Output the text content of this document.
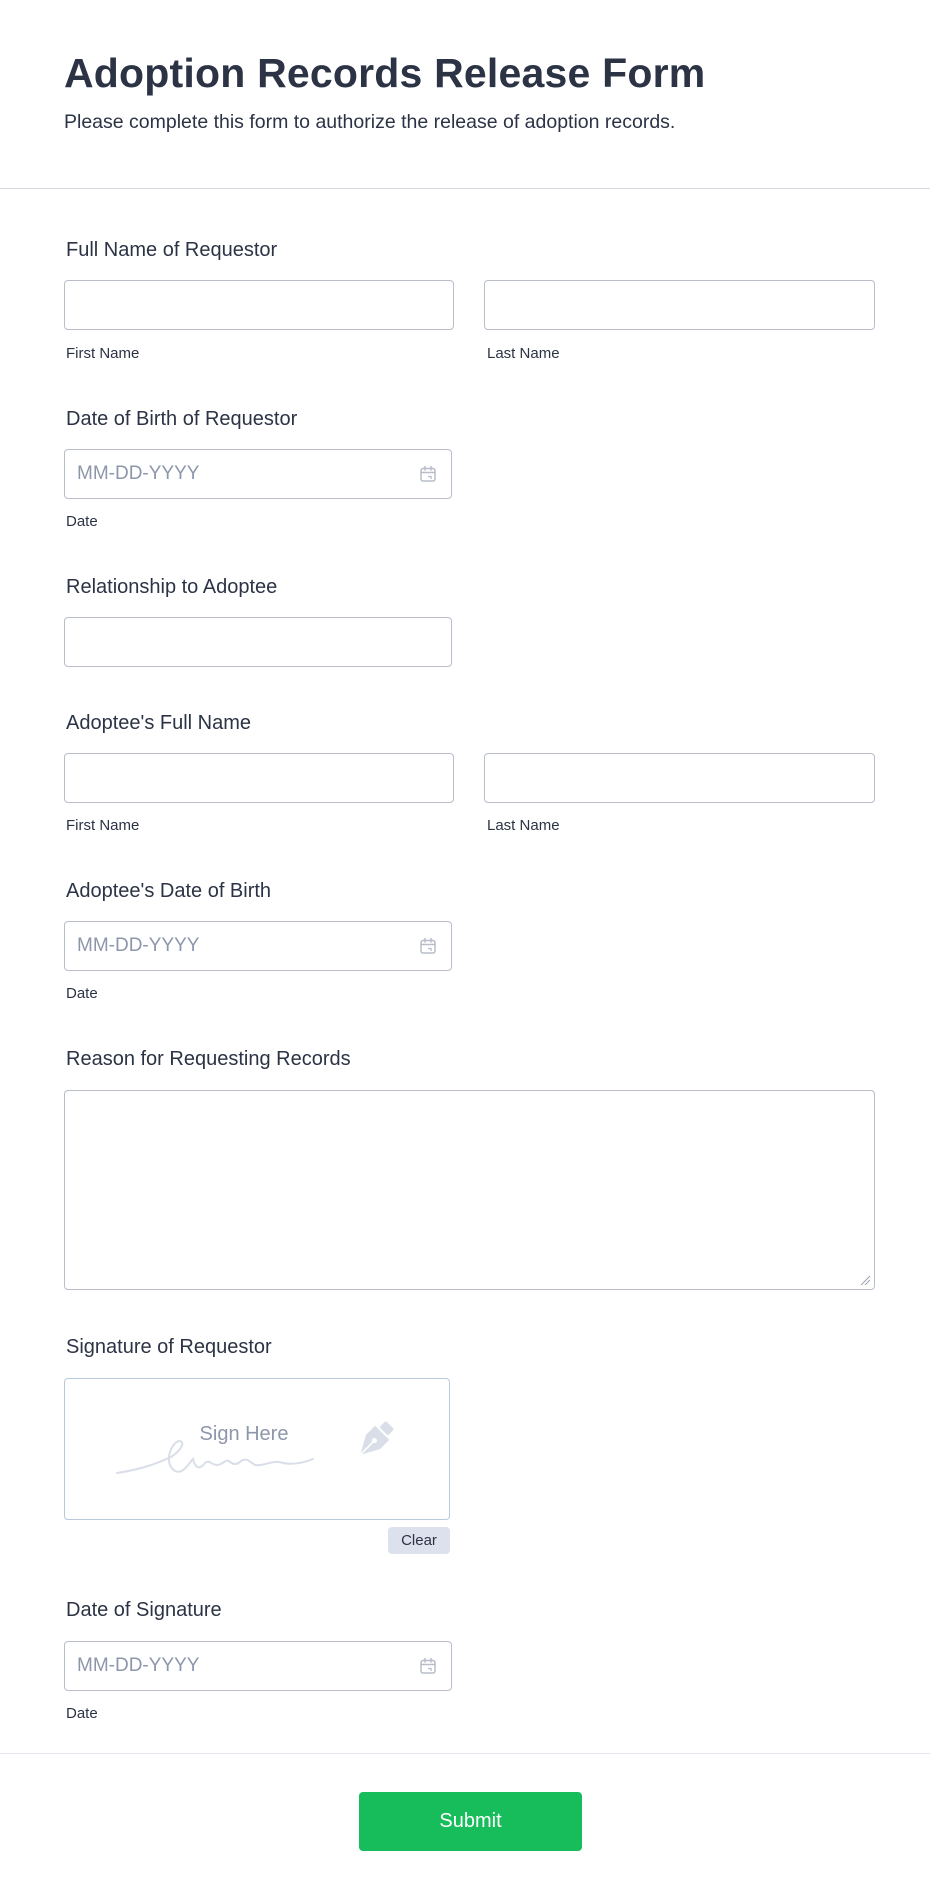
Adoption Records Release Form
Please complete this form to authorize the release of adoption records.
Full Name of Requestor
First Name	Last Name
Date of Birth of Requestor
MM-DD-YYYY
Date
Relationship to Adoptee
Adoptee's Full Name
First Name	Last Name
Adoptee's Date of Birth
MM-DD-YYYY
Date
Reason for Requesting Records
Signature of Requestor
Sign Here
Clear
Date of Signature
MM-DD-YYYY
Date
Submit
